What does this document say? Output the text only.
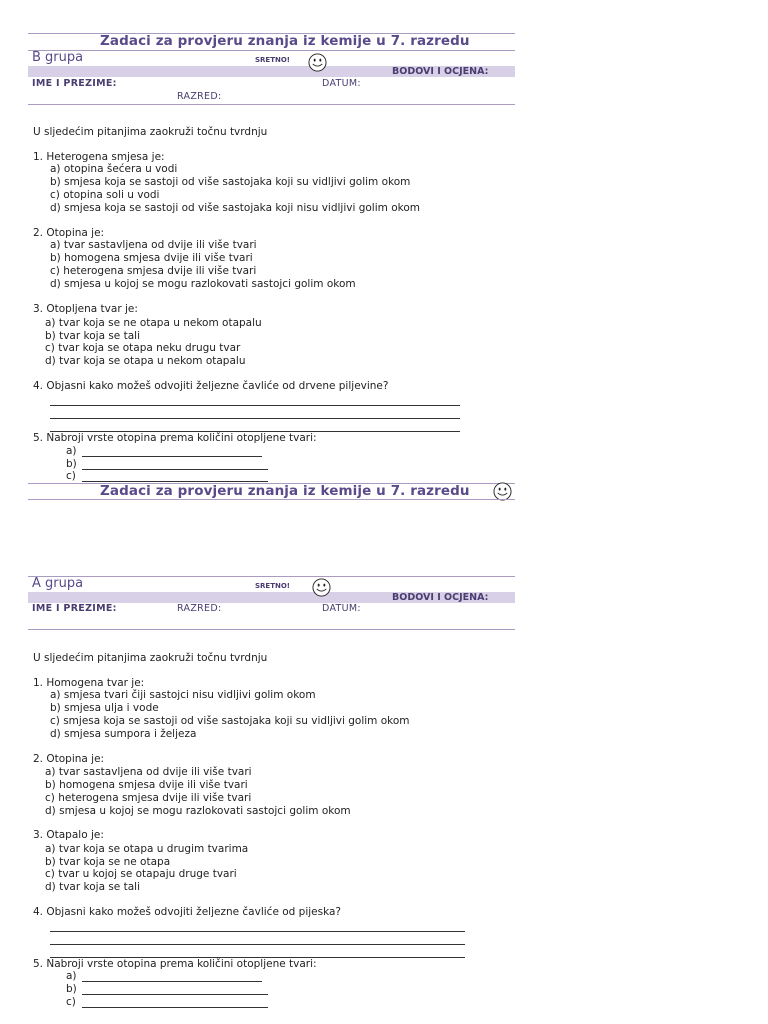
Zadaci za provjeru znanja iz kemije u 7. razredu
B grupa	SRETNO!
BODOVI I OCJENA:
IME I PREZIME:	DATUM:
RAZRED:
U sljedećim pitanjima zaokruži točnu tvrdnju
1. Heterogena smjesa je:
a) otopina šećera u vodi
b) smjesa koja se sastoji od više sastojaka koji su vidljivi golim okom
c) otopina soli u vodi
d) smjesa koja se sastoji od više sastojaka koji nisu vidljivi golim okom
2. Otopina je:
a) tvar sastavljena od dvije ili više tvari
b) homogena smjesa dvije ili više tvari
c) heterogena smjesa dvije ili više tvari
d) smjesa u kojoj se mogu razlokovati sastojci golim okom
3. Otopljena tvar je:
a) tvar koja se ne otapa u nekom otapalu
b) tvar koja se tali
c) tvar koja se otapa neku drugu tvar
d) tvar koja se otapa u nekom otapalu
4. Objasni kako možeš odvojiti željezne čavliće od drvene piljevine?
5. Nabroji vrste otopina prema količini otopljene tvari:
a)
b)
c)
Zadaci za provjeru znanja iz kemije u 7. razredu
A grupa	SRETNO!
BODOVI I OCJENA:
IME I PREZIME:	RAZRED:	DATUM:
U sljedećim pitanjima zaokruži točnu tvrdnju
1. Homogena tvar je:
a) smjesa tvari čiji sastojci nisu vidljivi golim okom
b) smjesa ulja i vode
c) smjesa koja se sastoji od više sastojaka koji su vidljivi golim okom
d) smjesa sumpora i željeza
2. Otopina je:
a) tvar sastavljena od dvije ili više tvari
b) homogena smjesa dvije ili više tvari
c) heterogena smjesa dvije ili više tvari
d) smjesa u kojoj se mogu razlokovati sastojci golim okom
3. Otapalo je:
a) tvar koja se otapa u drugim tvarima
b) tvar koja se ne otapa
c) tvar u kojoj se otapaju druge tvari
d) tvar koja se tali
4. Objasni kako možeš odvojiti željezne čavliće od pijeska?
5. Nabroji vrste otopina prema količini otopljene tvari:
a)
b)
c)
